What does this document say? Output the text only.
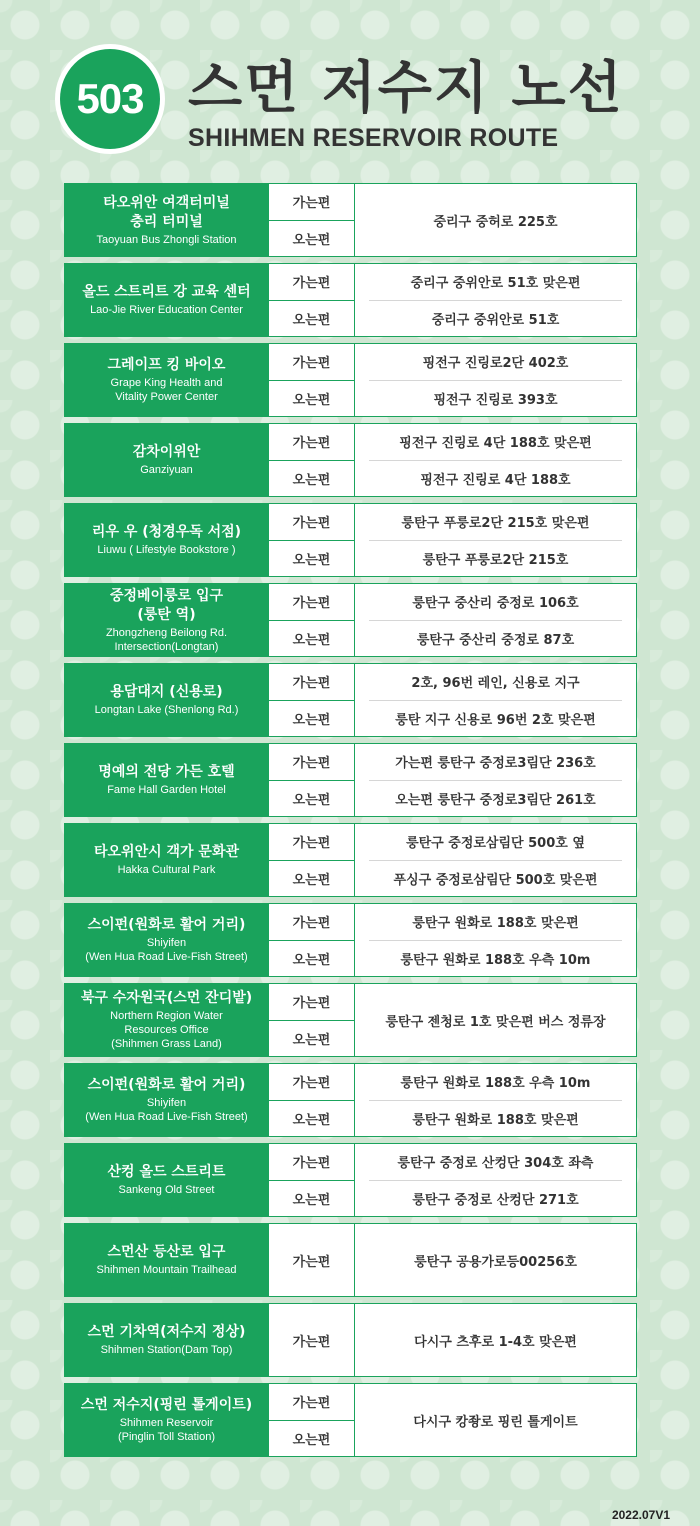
503 스먼 저수지 노선
SHIHMEN RESERVOIR ROUTE
타오위안 여객터미널
충리 터미널
Taoyuan Bus Zhongli Station
가는편
오는편
중리구 중허로 225호
올드 스트리트 강 교육 센터
Lao-Jie River Education Center
가는편
오는편
중리구 중위안로 51호 맞은편
중리구 중위안로 51호
그레이프 킹 바이오
Grape King Health and
Vitality Power Center
가는편
오는편
핑전구 진링로2단 402호
핑전구 진링로 393호
감차이위안
Ganziyuan
가는편
오는편
핑전구 진링로 4단 188호 맞은편
핑전구 진링로 4단 188호
리우 우 (청경우독 서점)
Liuwu ( Lifestyle Bookstore )
가는편
오는편
룽탄구 푸룽로2단 215호 맞은편
룽탄구 푸룽로2단 215호
중정베이룽로 입구
(룽탄 역)
Zhongzheng Beilong Rd.
Intersection(Longtan)
가는편
오는편
룽탄구 중산리 중정로 106호
룽탄구 중산리 중정로 87호
용담대지 (신용로)
Longtan Lake (Shenlong Rd.)
가는편
오는편
2호, 96번 레인, 신용로 지구
룽탄 지구 신용로 96번 2호 맞은편
명예의 전당 가든 호텔
Fame Hall Garden Hotel
가는편
오는편
가는편 룽탄구 중정로3림단 236호
오는편 룽탄구 중정로3림단 261호
타오위안시 객가 문화관
Hakka Cultural Park
가는편
오는편
룽탄구 중정로삼림단 500호 옆
푸싱구 중정로삼림단 500호 맞은편
스이펀(원화로 활어 거리)
Shiyifen
(Wen Hua Road Live-Fish Street)
가는편
오는편
룽탄구 원화로 188호 맞은편
룽탄구 원화로 188호 우측 10m
북구 수자원국(스먼 잔디밭)
Northern Region Water
Resources Office
(Shihmen Grass Land)
가는편
오는편
룽탄구 젠청로 1호 맞은편 버스 정류장
스이펀(원화로 활어 거리)
Shiyifen
(Wen Hua Road Live-Fish Street)
가는편
오는편
룽탄구 원화로 188호 우측 10m
룽탄구 원화로 188호 맞은편
산컹 올드 스트리트
Sankeng Old Street
가는편
오는편
룽탄구 중정로 산컹단 304호 좌측
룽탄구 중정로 산컹단 271호
스먼산 등산로 입구
Shihmen Mountain Trailhead
가는편	룽탄구 공용가로등00256호
스먼 기차역(저수지 정상)
Shihmen Station(Dam Top)
가는편	다시구 츠후로 1-4호 맞은편
스먼 저수지(핑린 톨게이트)
Shihmen Reservoir
(Pinglin Toll Station)
가는편
오는편
다시구 캉좡로 핑린 톨게이트
2022.07V1
